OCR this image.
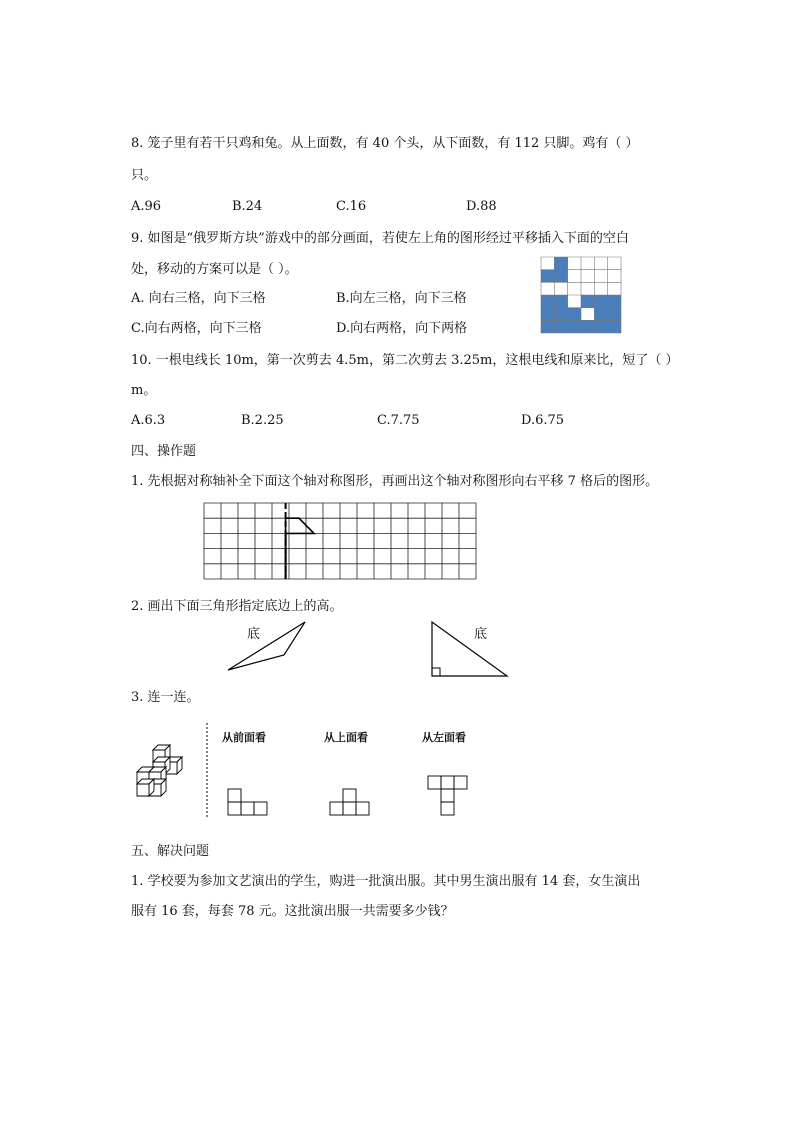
8. 笼子里有若干只鸡和兔。从上面数，有 40 个头，从下面数，有 112 只脚。鸡有（ ）
只。
A.96	B.24	C.16	D.88
9. 如图是“俄罗斯方块”游戏中的部分画面，若使左上角的图形经过平移插入下面的空白
处，移动的方案可以是（ ）。
A. 向右三格，向下三格	B.向左三格，向下三格
C.向右两格，向下三格	D.向右两格，向下两格
10. 一根电线长 10m，第一次剪去 4.5m，第二次剪去 3.25m，这根电线和原来比，短了（ ）
m。
A.6.3	B.2.25	C.7.75	D.6.75
四、操作题
1. 先根据对称轴补全下面这个轴对称图形，再画出这个轴对称图形向右平移 7 格后的图形。
2. 画出下面三角形指定底边上的高。
底	底
3. 连一连。
从前面看	从上面看	从左面看
五、解决问题
1. 学校要为参加文艺演出的学生，购进一批演出服。其中男生演出服有 14 套，女生演出
服有 16 套，每套 78 元。这批演出服一共需要多少钱？
